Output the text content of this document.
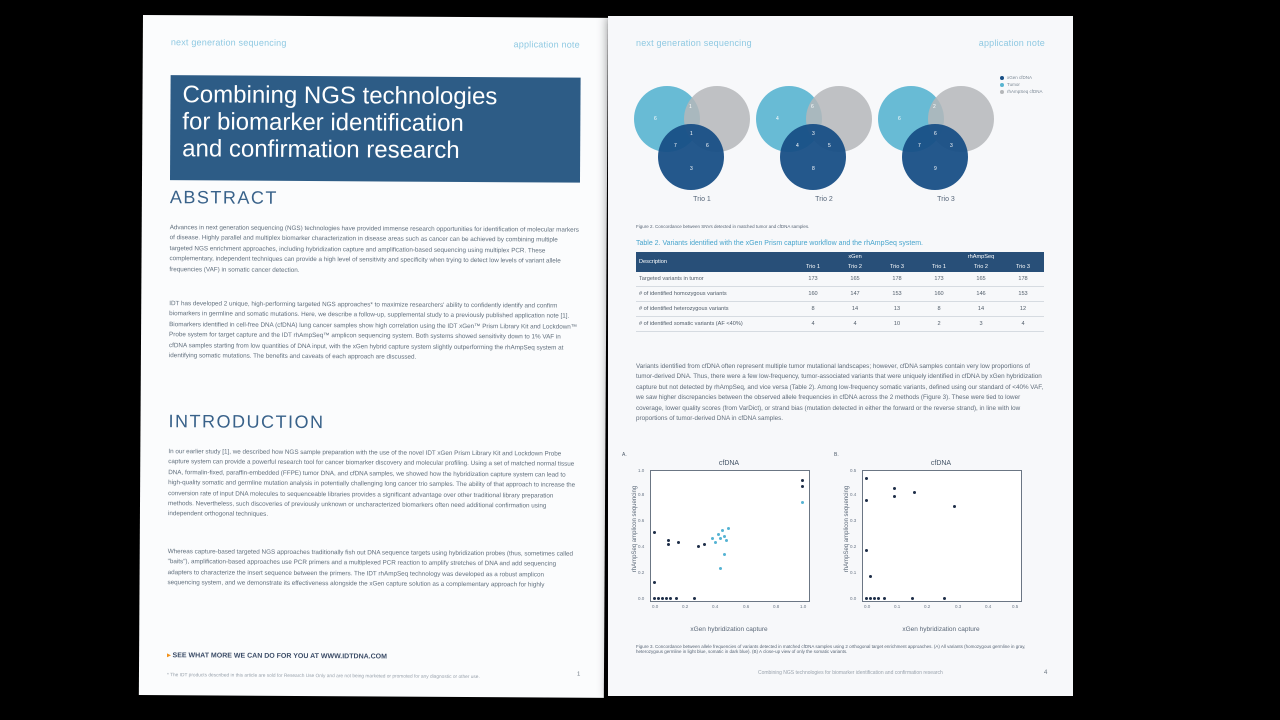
next generation sequencing	application note
Combining NGS technologies
for biomarker identification
and confirmation research
ABSTRACT
Advances in next generation sequencing (NGS) technologies have provided immense research opportunities for identification of molecular markers of disease. Highly parallel and multiplex biomarker characterization in disease areas such as cancer can be achieved by combining multiple targeted NGS enrichment approaches, including hybridization capture and amplification-based sequencing using multiplex PCR. These complementary, independent techniques can provide a high level of sensitivity and specificity when trying to detect low levels of variant allele frequencies (VAF) in somatic cancer detection.
IDT has developed 2 unique, high-performing targeted NGS approaches* to maximize researchers' ability to confidently identify and confirm biomarkers in germline and somatic mutations. Here, we describe a follow-up, supplemental study to a previously published application note [1]. Biomarkers identified in cell-free DNA (cfDNA) lung cancer samples show high correlation using the IDT xGen™ Prism Library Kit and Lockdown™ Probe system for target capture and the IDT rhAmpSeq™ amplicon sequencing system. Both systems showed sensitivity down to 1% VAF in cfDNA samples starting from low quantities of DNA input, with the xGen hybrid capture system slightly outperforming the rhAmpSeq system at identifying somatic mutations. The benefits and caveats of each approach are discussed.
INTRODUCTION
In our earlier study [1], we described how NGS sample preparation with the use of the novel IDT xGen Prism Library Kit and Lockdown Probe capture system can provide a powerful research tool for cancer biomarker discovery and molecular profiling. Using a set of matched normal tissue DNA, formalin-fixed, paraffin-embedded (FFPE) tumor DNA, and cfDNA samples, we showed how the hybridization capture system can lead to high-quality somatic and germline mutation analysis in potentially challenging long cancer trio samples. The ability of that approach to increase the conversion rate of input DNA molecules to sequenceable libraries provides a significant advantage over other traditional library preparation methods. Nevertheless, such discoveries of previously unknown or uncharacterized biomarkers often need additional confirmation using independent orthogonal techniques.
Whereas capture-based targeted NGS approaches traditionally fish out DNA sequence targets using hybridization probes (thus, sometimes called "baits"), amplification-based approaches use PCR primers and a multiplexed PCR reaction to amplify stretches of DNA and add sequencing adapters to characterize the insert sequence between the primers. The IDT rhAmpSeq technology was developed as a robust amplicon sequencing system, and we demonstrate its effectiveness alongside the xGen capture solution as a complementary approach for highly
▸ SEE WHAT MORE WE CAN DO FOR YOU AT WWW.IDTDNA.COM
* The IDT products described in this article are sold for Research Use Only and are not being marketed or promoted for any diagnostic or other use.	1
next generation sequencing	application note
6
1
7	6
1
3
Trio 1
4
6
4	5
3
8
Trio 2
6
2
7	3
6
9
Trio 3
xGen cfDNA
Tumor
rhAmpSeq cfDNA
Figure 2. Concordance between SNVs detected in matched tumor and cfDNA samples.
Table 2. Variants identified with the xGen Prism capture workflow and the rhAmpSeq system.
Description	xGen			rhAmpSeq		
	Trio 1	Trio 2	Trio 3	Trio 1	Trio 2	Trio 3
Targeted variants in tumor	173	165	178	173	165	178
# of identified homozygous variants	160	147	153	160	146	153
# of identified heterozygous variants	8	14	13	8	14	12
# of identified somatic variants (AF <40%)	4	4	10	2	3	4
Variants identified from cfDNA often represent multiple tumor mutational landscapes; however, cfDNA samples contain very low proportions of tumor-derived DNA. Thus, there were a few low-frequency, tumor-associated variants that were uniquely identified in cfDNA by xGen hybridization capture but not detected by rhAmpSeq, and vice versa (Table 2). Among low-frequency somatic variants, defined using our standard of <40% VAF, we saw higher discrepancies between the observed allele frequencies in cfDNA across the 2 methods (Figure 3). These were tied to lower coverage, lower quality scores (from VarDict), or strand bias (mutation detected in either the forward or the reverse strand), in line with low proportions of tumor-derived DNA in cfDNA samples.
A.
cfDNA
0.0	0.2	0.4	0.6	0.8	1.0
0.0
0.2
0.4
0.6
0.8
1.0
xGen hybridization capture
rhAmpSeq amplicon sequencing
B.
cfDNA
0.0	0.1	0.2	0.3	0.4	0.5
0.0
0.1
0.2
0.3
0.4
0.5
xGen hybridization capture
rhAmpSeq amplicon sequencing
Figure 3. Concordance between allele frequencies of variants detected in matched cfDNA samples using 2 orthogonal target enrichment approaches. (A) All variants (homozygous germline in gray, heterozygous germline in light blue, somatic in dark blue). (B) A close-up view of only the somatic variants.
Combining NGS technologies for biomarker identification and confirmation research	4
